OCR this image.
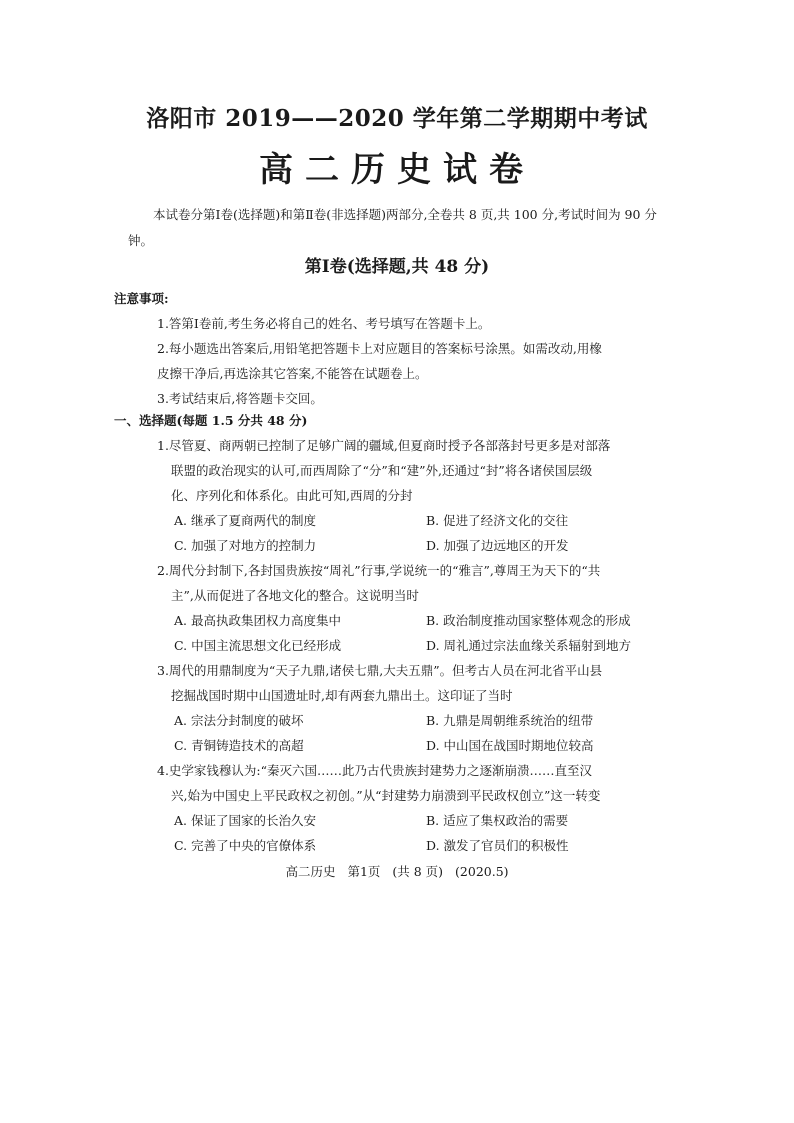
洛阳市 2019——2020 学年第二学期期中考试
高二历史试卷
本试卷分第Ⅰ卷(选择题)和第Ⅱ卷(非选择题)两部分,全卷共 8 页,共 100 分,考试时间为 90 分钟。
第Ⅰ卷(选择题,共 48 分)
注意事项:
1.答第Ⅰ卷前,考生务必将自己的姓名、考号填写在答题卡上。
2.每小题选出答案后,用铅笔把答题卡上对应题目的答案标号涂黑。如需改动,用橡
皮擦干净后,再选涂其它答案,不能答在试题卷上。
3.考试结束后,将答题卡交回。
一、选择题(每题 1.5 分共 48 分)
1.尽管夏、商两朝已控制了足够广阔的疆域,但夏商时授予各部落封号更多是对部落
联盟的政治现实的认可,而西周除了“分”和“建”外,还通过“封”将各诸侯国层级
化、序列化和体系化。由此可知,西周的分封
A. 继承了夏商两代的制度	B. 促进了经济文化的交往
C. 加强了对地方的控制力	D. 加强了边远地区的开发
2.周代分封制下,各封国贵族按“周礼”行事,学说统一的“雅言”,尊周王为天下的“共
主”,从而促进了各地文化的整合。这说明当时
A. 最高执政集团权力高度集中	B. 政治制度推动国家整体观念的形成
C. 中国主流思想文化已经形成	D. 周礼通过宗法血缘关系辐射到地方
3.周代的用鼎制度为“天子九鼎,诸侯七鼎,大夫五鼎”。但考古人员在河北省平山县
挖掘战国时期中山国遗址时,却有两套九鼎出土。这印证了当时
A. 宗法分封制度的破坏	B. 九鼎是周朝维系统治的纽带
C. 青铜铸造技术的高超	D. 中山国在战国时期地位较高
4.史学家钱穆认为:“秦灭六国……此乃古代贵族封建势力之逐渐崩溃……直至汉
兴,始为中国史上平民政权之初创。”从“封建势力崩溃到平民政权创立”这一转变
A. 保证了国家的长治久安	B. 适应了集权政治的需要
C. 完善了中央的官僚体系	D. 激发了官员们的积极性
高二历史 第1页 (共 8 页) (2020.5)
